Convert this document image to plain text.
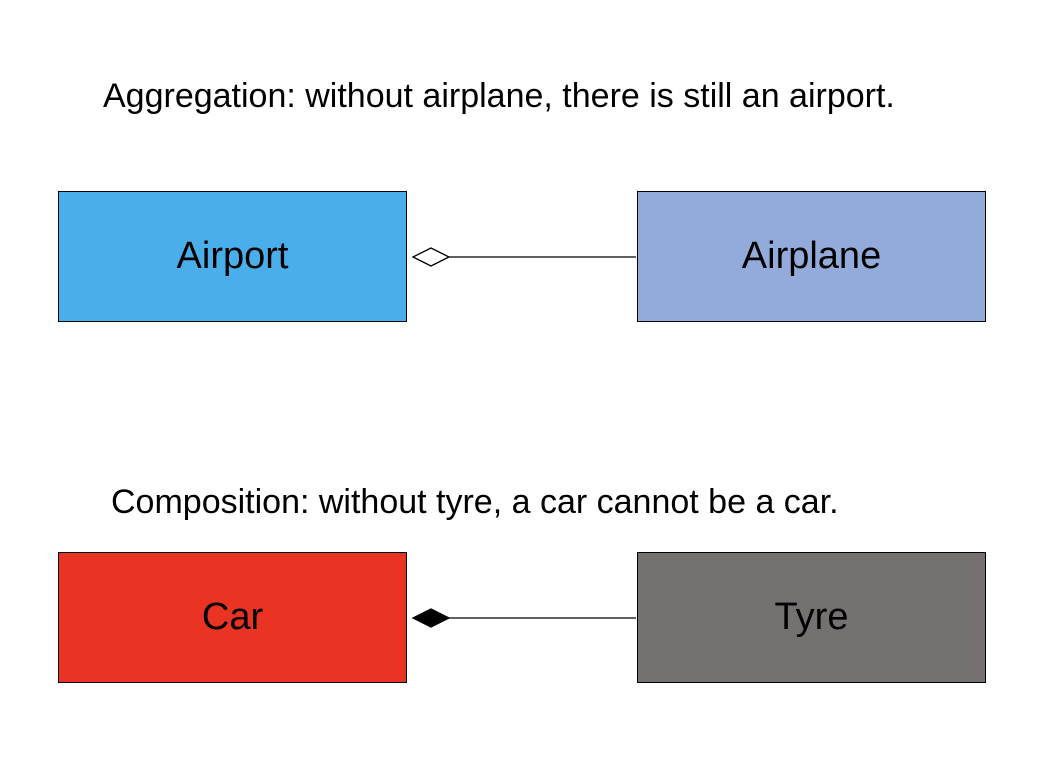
Aggregation: without airplane, there is still an airport.
Airport	Airplane
Composition: without tyre, a car cannot be a car.
Car	Tyre
